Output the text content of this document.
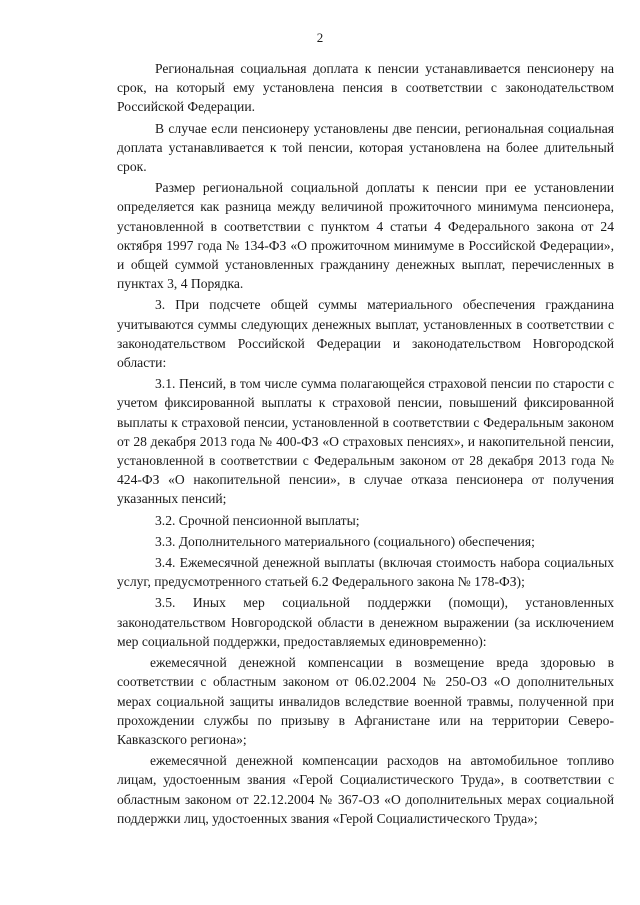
2

Региональная социальная доплата к пенсии устанавливается пенсионеру на срок, на который ему установлена пенсия в соответствии с законодательством Российской Федерации.

В случае если пенсионеру установлены две пенсии, региональная социальная доплата устанавливается к той пенсии, которая установлена на более длительный срок.

Размер региональной социальной доплаты к пенсии при ее установлении определяется как разница между величиной прожиточного минимума пенсионера, установленной в соответствии с пунктом 4 статьи 4 Федерального закона от 24 октября 1997 года № 134-ФЗ «О прожиточном минимуме в Российской Федерации», и общей суммой установленных гражданину денежных выплат, перечисленных в пунктах 3, 4 Порядка.

3. При подсчете общей суммы материального обеспечения гражданина учитываются суммы следующих денежных выплат, установленных в соответствии с законодательством Российской Федерации и законодательством Новгородской области:

3.1. Пенсий, в том числе сумма полагающейся страховой пенсии по старости с учетом фиксированной выплаты к страховой пенсии, повышений фиксированной выплаты к страховой пенсии, установленной в соответствии с Федеральным законом от 28 декабря 2013 года № 400-ФЗ «О страховых пенсиях», и накопительной пенсии, установленной в соответствии с Федеральным законом от 28 декабря 2013 года № 424-ФЗ «О накопительной пенсии», в случае отказа пенсионера от получения указанных пенсий;

3.2. Срочной пенсионной выплаты;

3.3. Дополнительного материального (социального) обеспечения;

3.4. Ежемесячной денежной выплаты (включая стоимость набора социальных услуг, предусмотренного статьей 6.2 Федерального закона № 178-ФЗ);

3.5. Иных мер социальной поддержки (помощи), установленных законодательством Новгородской области в денежном выражении (за исключением мер социальной поддержки, предоставляемых единовременно):

ежемесячной денежной компенсации в возмещение вреда здоровью в соответствии с областным законом от 06.02.2004 № 250-ОЗ «О дополнительных мерах социальной защиты инвалидов вследствие военной травмы, полученной при прохождении службы по призыву в Афганистане или на территории Северо-Кавказского региона»;

ежемесячной денежной компенсации расходов на автомобильное топливо лицам, удостоенным звания «Герой Социалистического Труда», в соответствии с областным законом от 22.12.2004 № 367-ОЗ «О дополнительных мерах социальной поддержки лиц, удостоенных звания «Герой Социалистического Труда»;
